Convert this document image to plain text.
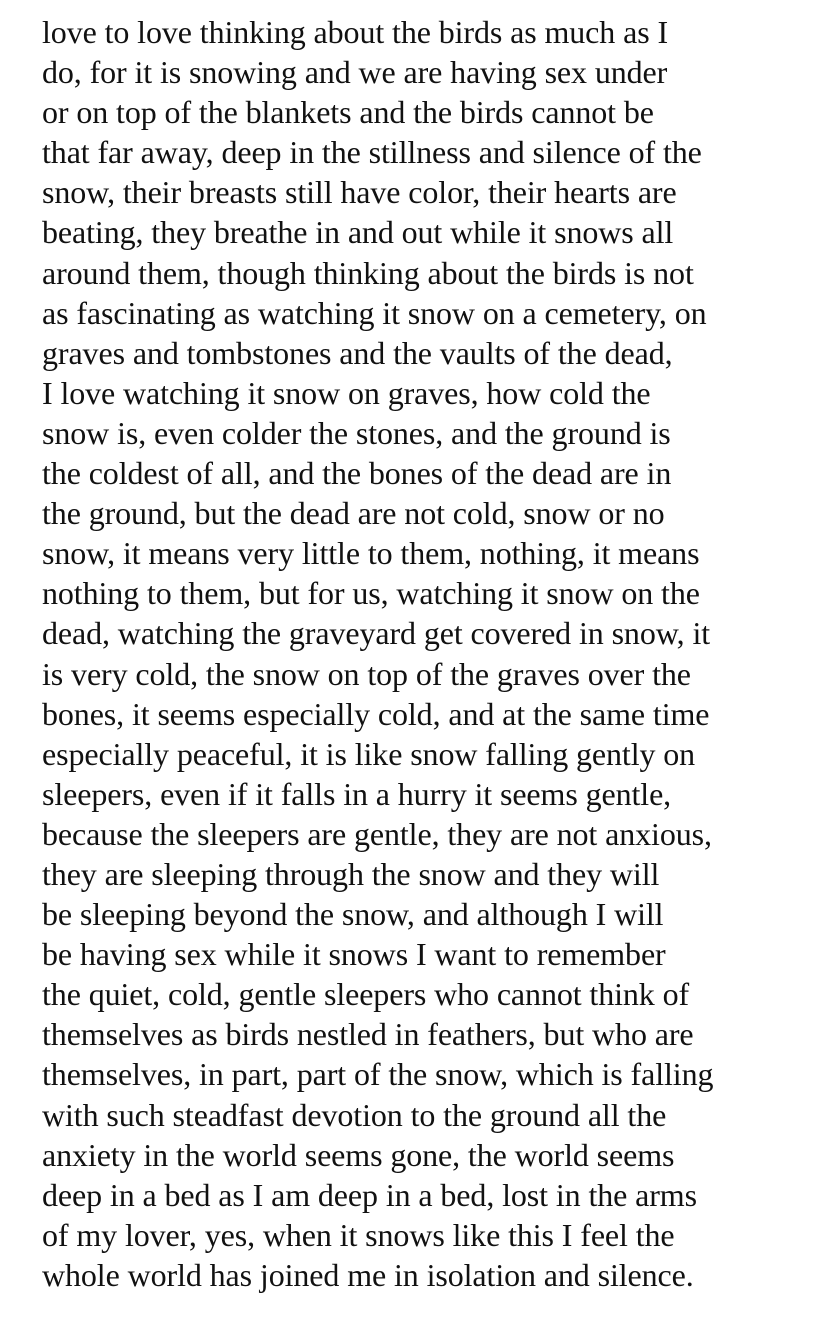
love to love thinking about the birds as much as I
do, for it is snowing and we are having sex under
or on top of the blankets and the birds cannot be
that far away, deep in the stillness and silence of the
snow, their breasts still have color, their hearts are
beating, they breathe in and out while it snows all
around them, though thinking about the birds is not
as fascinating as watching it snow on a cemetery, on
graves and tombstones and the vaults of the dead,
I love watching it snow on graves, how cold the
snow is, even colder the stones, and the ground is
the coldest of all, and the bones of the dead are in
the ground, but the dead are not cold, snow or no
snow, it means very little to them, nothing, it means
nothing to them, but for us, watching it snow on the
dead, watching the graveyard get covered in snow, it
is very cold, the snow on top of the graves over the
bones, it seems especially cold, and at the same time
especially peaceful, it is like snow falling gently on
sleepers, even if it falls in a hurry it seems gentle,
because the sleepers are gentle, they are not anxious,
they are sleeping through the snow and they will
be sleeping beyond the snow, and although I will
be having sex while it snows I want to remember
the quiet, cold, gentle sleepers who cannot think of
themselves as birds nestled in feathers, but who are
themselves, in part, part of the snow, which is falling
with such steadfast devotion to the ground all the
anxiety in the world seems gone, the world seems
deep in a bed as I am deep in a bed, lost in the arms
of my lover, yes, when it snows like this I feel the
whole world has joined me in isolation and silence.
